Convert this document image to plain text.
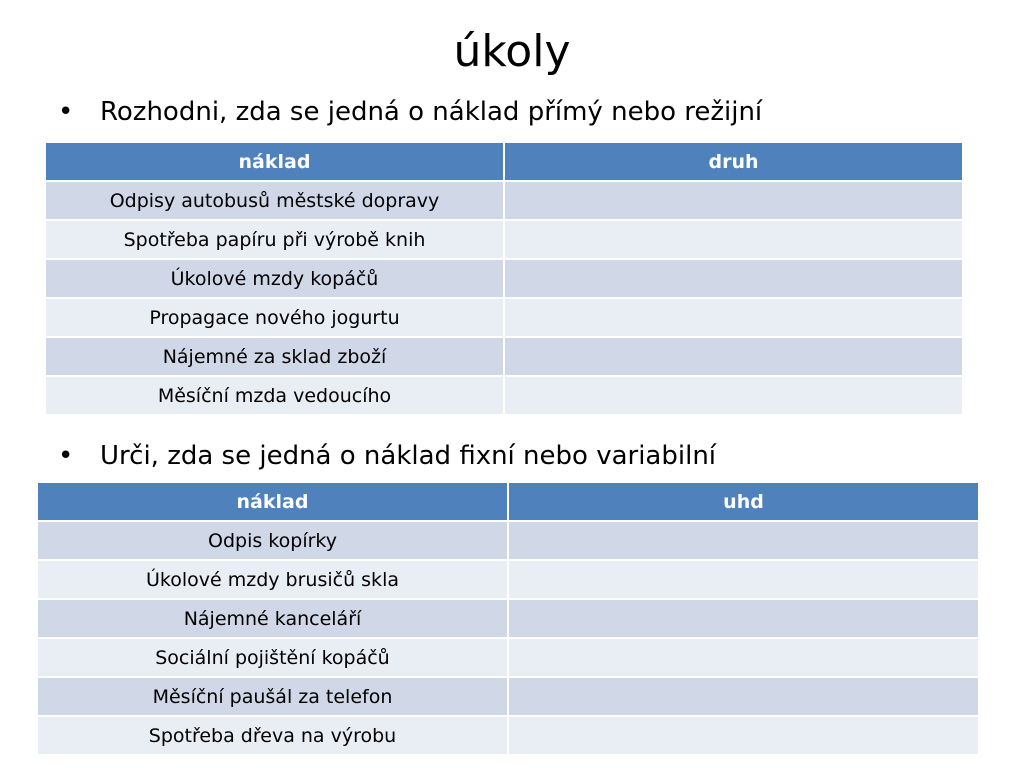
úkoly
• Rozhodni, zda se jedná o náklad přímý nebo režijní
náklad	druh
Odpisy autobusů městské dopravy	
Spotřeba papíru při výrobě knih	
Úkolové mzdy kopáčů	
Propagace nového jogurtu	
Nájemné za sklad zboží	
Měsíční mzda vedoucího	
• Urči, zda se jedná o náklad fixní nebo variabilní
náklad	uhd
Odpis kopírky	
Úkolové mzdy brusičů skla	
Nájemné kanceláří	
Sociální pojištění kopáčů	
Měsíční paušál za telefon	
Spotřeba dřeva na výrobu	
